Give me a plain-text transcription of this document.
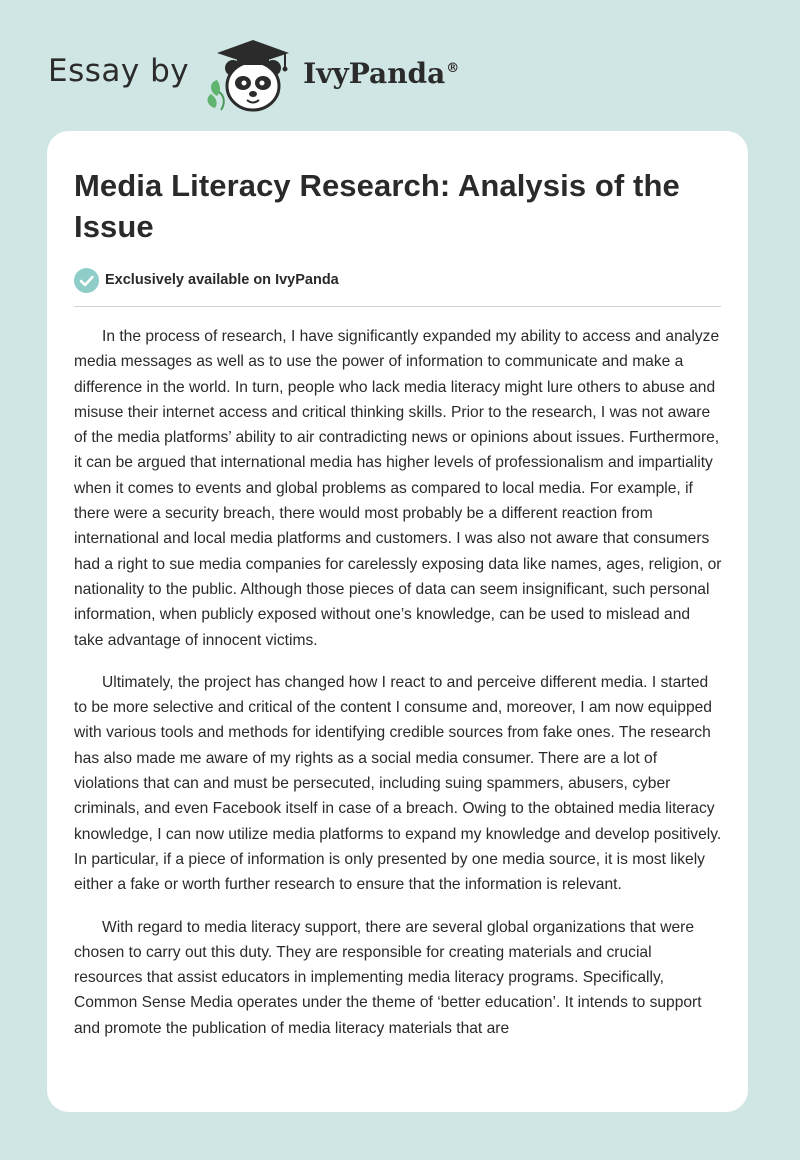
Essay by	IvyPanda®
Media Literacy Research: Analysis of the Issue
Exclusively available on IvyPanda

In the process of research, I have significantly expanded my ability to access and analyze media messages as well as to use the power of information to communicate and make a difference in the world. In turn, people who lack media literacy might lure others to abuse and misuse their internet access and critical thinking skills. Prior to the research, I was not aware of the media platforms’ ability to air contradicting news or opinions about issues. Furthermore, it can be argued that international media has higher levels of professionalism and impartiality when it comes to events and global problems as compared to local media. For example, if there were a security breach, there would most probably be a different reaction from international and local media platforms and customers. I was also not aware that consumers had a right to sue media companies for carelessly exposing data like names, ages, religion, or nationality to the public. Although those pieces of data can seem insignificant, such personal information, when publicly exposed without one’s knowledge, can be used to mislead and take advantage of innocent victims.

Ultimately, the project has changed how I react to and perceive different media. I started to be more selective and critical of the content I consume and, moreover, I am now equipped with various tools and methods for identifying credible sources from fake ones. The research has also made me aware of my rights as a social media consumer. There are a lot of violations that can and must be persecuted, including suing spammers, abusers, cyber criminals, and even Facebook itself in case of a breach. Owing to the obtained media literacy knowledge, I can now utilize media platforms to expand my knowledge and develop positively. In particular, if a piece of information is only presented by one media source, it is most likely either a fake or worth further research to ensure that the information is relevant.

With regard to media literacy support, there are several global organizations that were chosen to carry out this duty. They are responsible for creating materials and crucial resources that assist educators in implementing media literacy programs. Specifically, Common Sense Media operates under the theme of ‘better education’. It intends to support and promote the publication of media literacy materials that are
